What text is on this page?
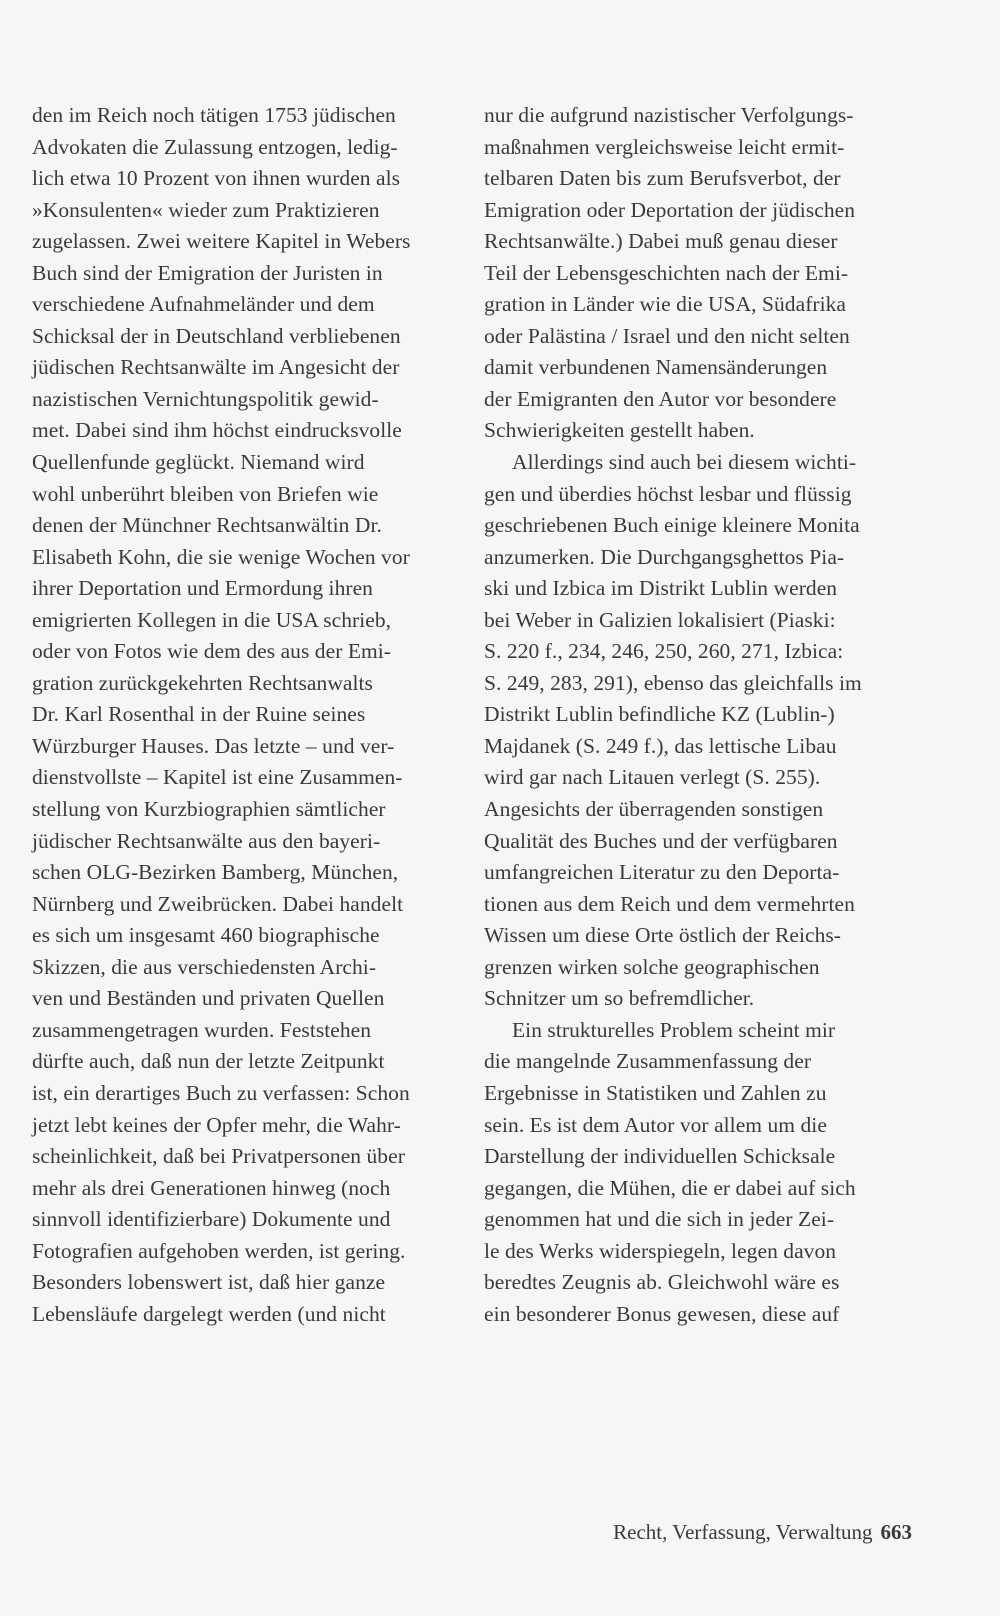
den im Reich noch tätigen 1753 jüdischen
Advokaten die Zulassung entzogen, ledig-
lich etwa 10 Prozent von ihnen wurden als
»Konsulenten« wieder zum Praktizieren
zugelassen. Zwei weitere Kapitel in Webers
Buch sind der Emigration der Juristen in
verschiedene Aufnahmeländer und dem
Schicksal der in Deutschland verbliebenen
jüdischen Rechtsanwälte im Angesicht der
nazistischen Vernichtungspolitik gewid-
met. Dabei sind ihm höchst eindrucksvolle
Quellenfunde geglückt. Niemand wird
wohl unberührt bleiben von Briefen wie
denen der Münchner Rechtsanwältin Dr.
Elisabeth Kohn, die sie wenige Wochen vor
ihrer Deportation und Ermordung ihren
emigrierten Kollegen in die USA schrieb,
oder von Fotos wie dem des aus der Emi-
gration zurückgekehrten Rechtsanwalts
Dr. Karl Rosenthal in der Ruine seines
Würzburger Hauses. Das letzte – und ver-
dienstvollste – Kapitel ist eine Zusammen-
stellung von Kurzbiographien sämtlicher
jüdischer Rechtsanwälte aus den bayeri-
schen OLG-Bezirken Bamberg, München,
Nürnberg und Zweibrücken. Dabei handelt
es sich um insgesamt 460 biographische
Skizzen, die aus verschiedensten Archi-
ven und Beständen und privaten Quellen
zusammengetragen wurden. Feststehen
dürfte auch, daß nun der letzte Zeitpunkt
ist, ein derartiges Buch zu verfassen: Schon
jetzt lebt keines der Opfer mehr, die Wahr-
scheinlichkeit, daß bei Privatpersonen über
mehr als drei Generationen hinweg (noch
sinnvoll identifizierbare) Dokumente und
Fotografien aufgehoben werden, ist gering.
Besonders lobenswert ist, daß hier ganze
Lebensläufe dargelegt werden (und nicht
nur die aufgrund nazistischer Verfolgungs-
maßnahmen vergleichsweise leicht ermit-
telbaren Daten bis zum Berufsverbot, der
Emigration oder Deportation der jüdischen
Rechtsanwälte.) Dabei muß genau dieser
Teil der Lebensgeschichten nach der Emi-
gration in Länder wie die USA, Südafrika
oder Palästina / Israel und den nicht selten
damit verbundenen Namensänderungen
der Emigranten den Autor vor besondere
Schwierigkeiten gestellt haben.
Allerdings sind auch bei diesem wichti-
gen und überdies höchst lesbar und flüssig
geschriebenen Buch einige kleinere Monita
anzumerken. Die Durchgangsghettos Pia-
ski und Izbica im Distrikt Lublin werden
bei Weber in Galizien lokalisiert (Piaski:
S. 220 f., 234, 246, 250, 260, 271, Izbica:
S. 249, 283, 291), ebenso das gleichfalls im
Distrikt Lublin befindliche KZ (Lublin-)
Majdanek (S. 249 f.), das lettische Libau
wird gar nach Litauen verlegt (S. 255).
Angesichts der überragenden sonstigen
Qualität des Buches und der verfügbaren
umfangreichen Literatur zu den Deporta-
tionen aus dem Reich und dem vermehrten
Wissen um diese Orte östlich der Reichs-
grenzen wirken solche geographischen
Schnitzer um so befremdlicher.
Ein strukturelles Problem scheint mir
die mangelnde Zusammenfassung der
Ergebnisse in Statistiken und Zahlen zu
sein. Es ist dem Autor vor allem um die
Darstellung der individuellen Schicksale
gegangen, die Mühen, die er dabei auf sich
genommen hat und die sich in jeder Zei-
le des Werks widerspiegeln, legen davon
beredtes Zeugnis ab. Gleichwohl wäre es
ein besonderer Bonus gewesen, diese auf
Recht, Verfassung, Verwaltung 663
